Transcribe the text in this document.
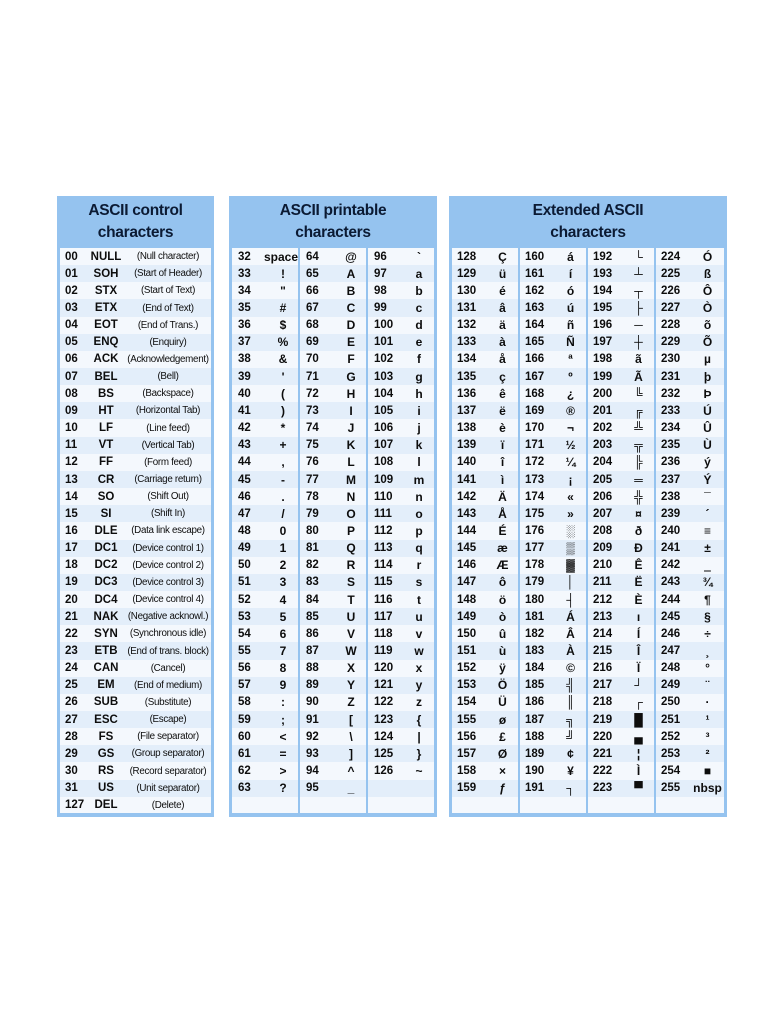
ASCII control
characters
00	NULL	(Null character)
01	SOH	(Start of Header)
02	STX	(Start of Text)
03	ETX	(End of Text)
04	EOT	(End of Trans.)
05	ENQ	(Enquiry)
06	ACK (Acknowledgement)
07	BEL	(Bell)
08	BS	(Backspace)
09	HT	(Horizontal Tab)
10	LF	(Line feed)
11	VT	(Vertical Tab)
12	FF	(Form feed)
13	CR	(Carriage return)
14	SO	(Shift Out)
15	SI	(Shift In)
16	DLE	(Data link escape)
17	DC1	(Device control 1)
18	DC2	(Device control 2)
19	DC3	(Device control 3)
20	DC4	(Device control 4)
21	NAK (Negative acknowl.)
22	SYN	(Synchronous idle)
23	ETB	(End of trans. block)
24	CAN	(Cancel)
25	EM	(End of medium)
26	SUB	(Substitute)
27	ESC	(Escape)
28	FS	(File separator)
29	GS	(Group separator)
30	RS	(Record separator)
31	US	(Unit separator)
127 DEL	(Delete)
ASCII printable
characters
32	space
33	!
34	"
35	#
36	$
37	%
38	&
39	'
40	(
41	)
42	*
43	+
44	,
45	-
46	.
47	/
48	0
49	1
50	2
51	3
52	4
53	5
54	6
55	7
56	8
57	9
58	:
59	;
60	<
61	=
62	>
63	?
64	@
65	A
66	B
67	C
68	D
69	E
70	F
71	G
72	H
73	I
74	J
75	K
76	L
77	M
78	N
79	O
80	P
81	Q
82	R
83	S
84	T
85	U
86	V
87	W
88	X
89	Y
90	Z
91	[
92	\
93	]
94	^
95	_
96	`
97	a
98	b
99	c
100	d
101	e
102	f
103	g
104	h
105	i
106	j
107	k
108	l
109	m
110	n
111	o
112	p
113	q
114	r
115	s
116	t
117	u
118	v
119	w
120	x
121	y
122	z
123	{
124	|
125	}
126	~
Extended ASCII
characters
128	Ç
129	ü
130	é
131	â
132	ä
133	à
134	å
135	ç
136	ê
137	ë
138	è
139	ï
140	î
141	ì
142	Ä
143	Å
144	É
145	æ
146	Æ
147	ô
148	ö
149	ò
150	û
151	ù
152	ÿ
153	Ö
154	Ü
155	ø
156	£
157	Ø
158	×
159	ƒ
160	á
161	í
162	ó
163	ú
164	ñ
165	Ñ
166	ª
167	º
168	¿
169	®
170	¬
171	½
172	¼
173	¡
174	«
175	»
176	░
177	▒
178	▓
179	│
180	┤
181	Á
182	Â
183	À
184	©
185	╣
186	║
187	╗
188	╝
189	¢
190	¥
191	┐
192	└
193	┴
194	┬
195	├
196	─
197	┼
198	ã
199	Ã
200	╚
201	╔
202	╩
203	╦
204	╠
205	═
206	╬
207	¤
208	ð
209	Ð
210	Ê
211	Ë
212	È
213	ı
214	Í
215	Î
216	Ï
217	┘
218	┌
219	█
220	▄
221	¦
222	Ì
223	▀
224	Ó
225	ß
226	Ô
227	Ò
228	õ
229	Õ
230	µ
231	þ
232	Þ
233	Ú
234	Û
235	Ù
236	ý
237	Ý
238	¯
239	´
240	≡
241	±
242	‗
243	¾
244	¶
245	§
246	÷
247	¸
248	°
249	¨
250	·
251	¹
252	³
253	²
254	■
255	nbsp
